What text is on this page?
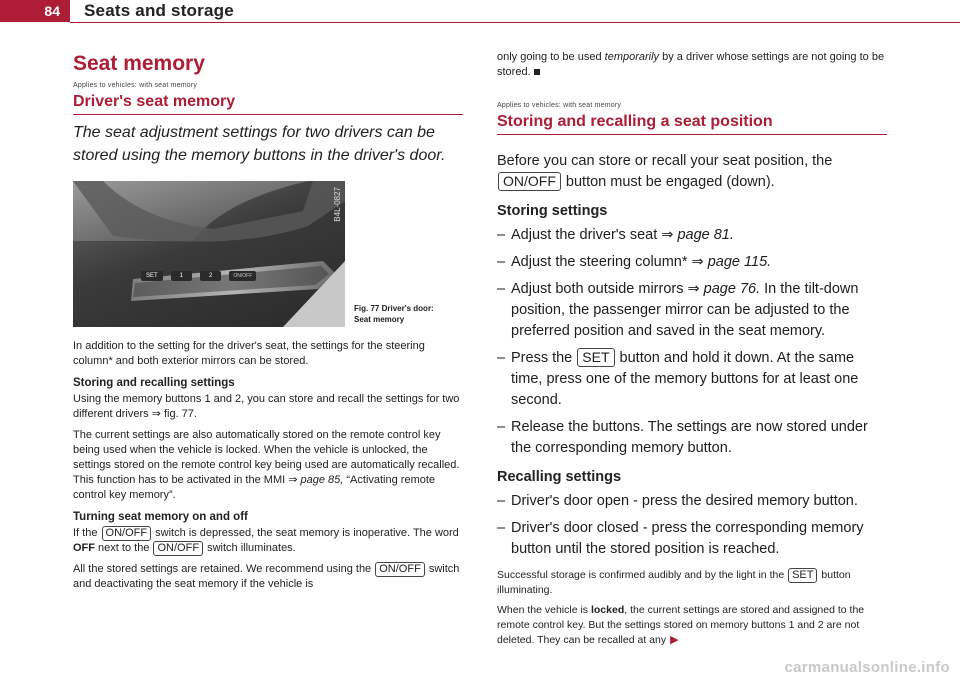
84	Seats and storage
Seat memory
Applies to vehicles: with seat memory
Driver's seat memory
The seat adjustment settings for two drivers can be stored using the memory buttons in the driver's door.
SET	1	2	ON/OFF
B4L-0827
Fig. 77 Driver's door:
Seat memory

In addition to the setting for the driver's seat, the settings for the steering column* and both exterior mirrors can be stored.

Storing and recalling settings

Using the memory buttons 1 and 2, you can store and recall the settings for two different drivers ⇒ fig. 77.

The current settings are also automatically stored on the remote control key being used when the vehicle is locked. When the vehicle is unlocked, the settings stored on the remote control key being used are automatically recalled. This function has to be activated in the MMI ⇒ page 85, “Activating remote control key memory”.

Turning seat memory on and off

If the ON/OFF switch is depressed, the seat memory is inoperative. The word OFF next to the ON/OFF switch illuminates.

All the stored settings are retained. We recommend using the ON/OFF switch and deactivating the seat memory if the vehicle is

only going to be used temporarily by a driver whose settings are not going to be stored.

Applies to vehicles: with seat memory
Storing and recalling a seat position

Before you can store or recall your seat position, the ON/OFF button must be engaged (down).

Storing settings
– Adjust the driver's seat ⇒ page 81.
– Adjust the steering column* ⇒ page 115.
– Adjust both outside mirrors ⇒ page 76. In the tilt-down position, the passenger mirror can be adjusted to the preferred position and saved in the seat memory.
– Press the SET button and hold it down. At the same time, press one of the memory buttons for at least one second.
– Release the buttons. The settings are now stored under the corresponding memory button.
Recalling settings
– Driver's door open - press the desired memory button.
– Driver's door closed - press the corresponding memory button until the stored position is reached.

Successful storage is confirmed audibly and by the light in the SET button illuminating.

When the vehicle is locked, the current settings are stored and assigned to the remote control key. But the settings stored on memory buttons 1 and 2 are not deleted. They can be recalled at any ▶

carmanualsonline.info
